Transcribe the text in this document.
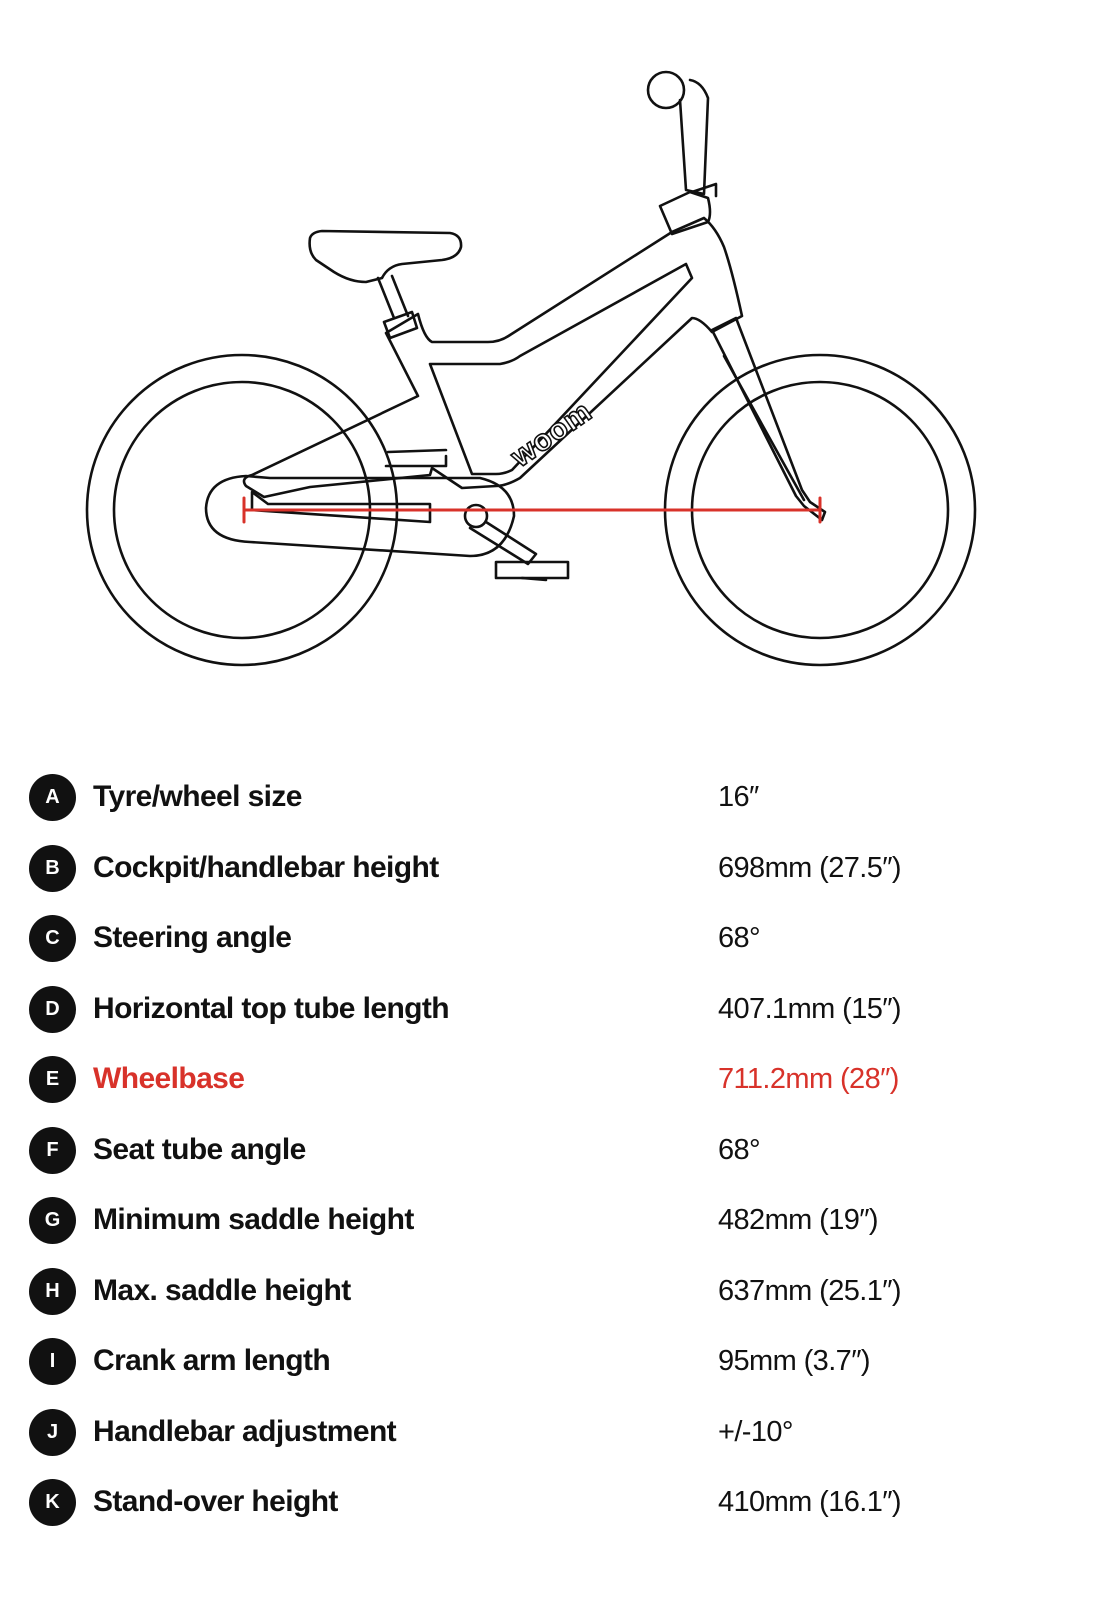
woom
A	Tyre/wheel size	16″
B	Cockpit/handlebar height	698mm (27.5″)
C	Steering angle	68°
D	Horizontal top tube length	407.1mm (15″)
E	Wheelbase	711.2mm (28″)
F	Seat tube angle	68°
G	Minimum saddle height	482mm (19″)
H	Max. saddle height	637mm (25.1″)
I	Crank arm length	95mm (3.7″)
J	Handlebar adjustment	+/-10°
K	Stand-over height	410mm (16.1″)
